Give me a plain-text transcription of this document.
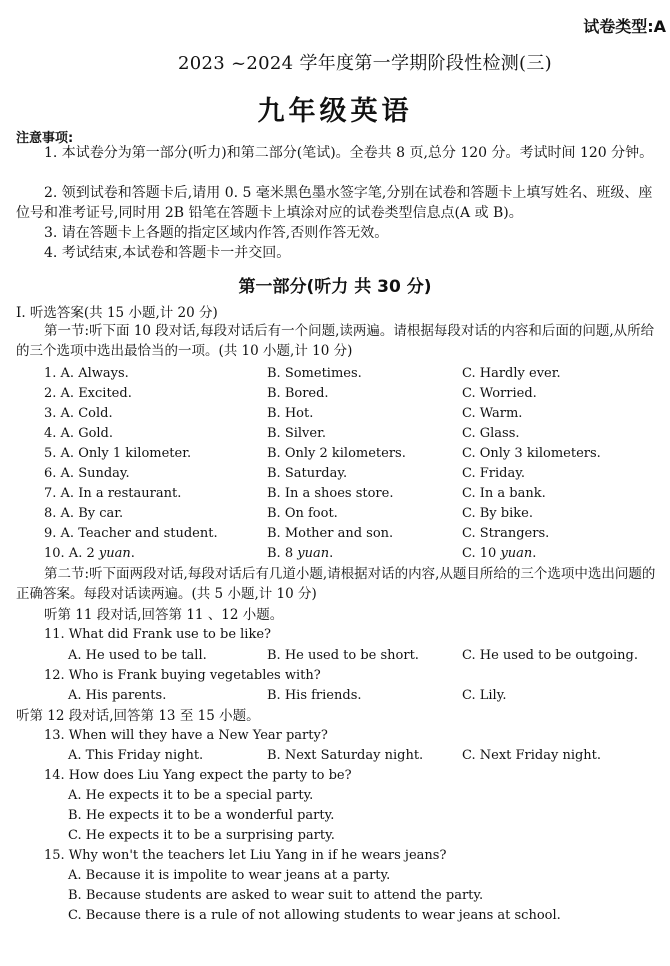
试卷类型:A
2023 ~2024 学年度第一学期阶段性检测(三)
九年级英语
注意事项:
1. 本试卷分为第一部分(听力)和第二部分(笔试)。全卷共 8 页,总分 120 分。考试时间 120 分钟。
2. 领到试卷和答题卡后,请用 0. 5 毫米黑色墨水签字笔,分别在试卷和答题卡上填写姓名、班级、座位号和准考证号,同时用 2B 铅笔在答题卡上填涂对应的试卷类型信息点(A 或 B)。
3. 请在答题卡上各题的指定区域内作答,否则作答无效。
4. 考试结束,本试卷和答题卡一并交回。
第一部分(听力 共 30 分)
Ⅰ. 听选答案(共 15 小题,计 20 分)
第一节:听下面 10 段对话,每段对话后有一个问题,读两遍。请根据每段对话的内容和后面的问题,从所给的三个选项中选出最恰当的一项。(共 10 小题,计 10 分)
1. A. Always.	B. Sometimes.	C. Hardly ever.
2. A. Excited.	B. Bored.	C. Worried.
3. A. Cold.	B. Hot.	C. Warm.
4. A. Gold.	B. Silver.	C. Glass.
5. A. Only 1 kilometer.	B. Only 2 kilometers.	C. Only 3 kilometers.
6. A. Sunday.	B. Saturday.	C. Friday.
7. A. In a restaurant.	B. In a shoes store.	C. In a bank.
8. A. By car.	B. On foot.	C. By bike.
9. A. Teacher and student.	B. Mother and son.	C. Strangers.
10. A. 2 yuan.	B. 8 yuan.	C. 10 yuan.
第二节:听下面两段对话,每段对话后有几道小题,请根据对话的内容,从题目所给的三个选项中选出问题的正确答案。每段对话读两遍。(共 5 小题,计 10 分)
听第 11 段对话,回答第 11 、12 小题。
11. What did Frank use to be like?
A. He used to be tall.	B. He used to be short.	C. He used to be outgoing.
12. Who is Frank buying vegetables with?
A. His parents.	B. His friends.	C. Lily.
听第 12 段对话,回答第 13 至 15 小题。
13. When will they have a New Year party?
A. This Friday night.	B. Next Saturday night.	C. Next Friday night.
14. How does Liu Yang expect the party to be?
A. He expects it to be a special party.
B. He expects it to be a wonderful party.
C. He expects it to be a surprising party.
15. Why won't the teachers let Liu Yang in if he wears jeans?
A. Because it is impolite to wear jeans at a party.
B. Because students are asked to wear suit to attend the party.
C. Because there is a rule of not allowing students to wear jeans at school.
